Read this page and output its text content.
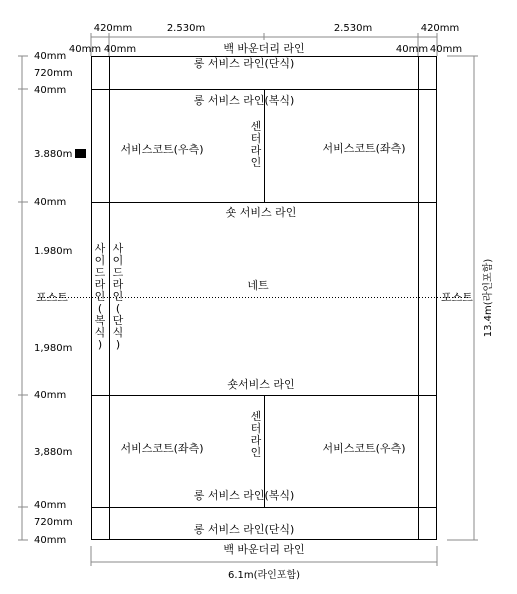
백 바운더리 라인
롱 서비스 라인(단식)
롱 서비스 라인(복식)
서비스코트(우측)	서비스코트(좌측)
센 터 라 인
숏 서비스 라인
네트
포스트	포스트
사 이 드 라 인 ( 복 식 )
사 이 드 라 인 ( 단 식 )
숏서비스 라인
서비스코트(좌측)	서비스코트(우측)
센 터 라 인
롱 서비스 라인(복식)
롱 서비스 라인(단식)
백 바운더리 라인
420mm	2.530m	2.530m	420mm
40mm 40mm	40mm 40mm
40mm
720mm
40mm
3.880m
40mm
1.980m
1,980m
40mm
3,880m
40mm
720mm
40mm
13.4m(라인포함)
6.1m(라인포함)
